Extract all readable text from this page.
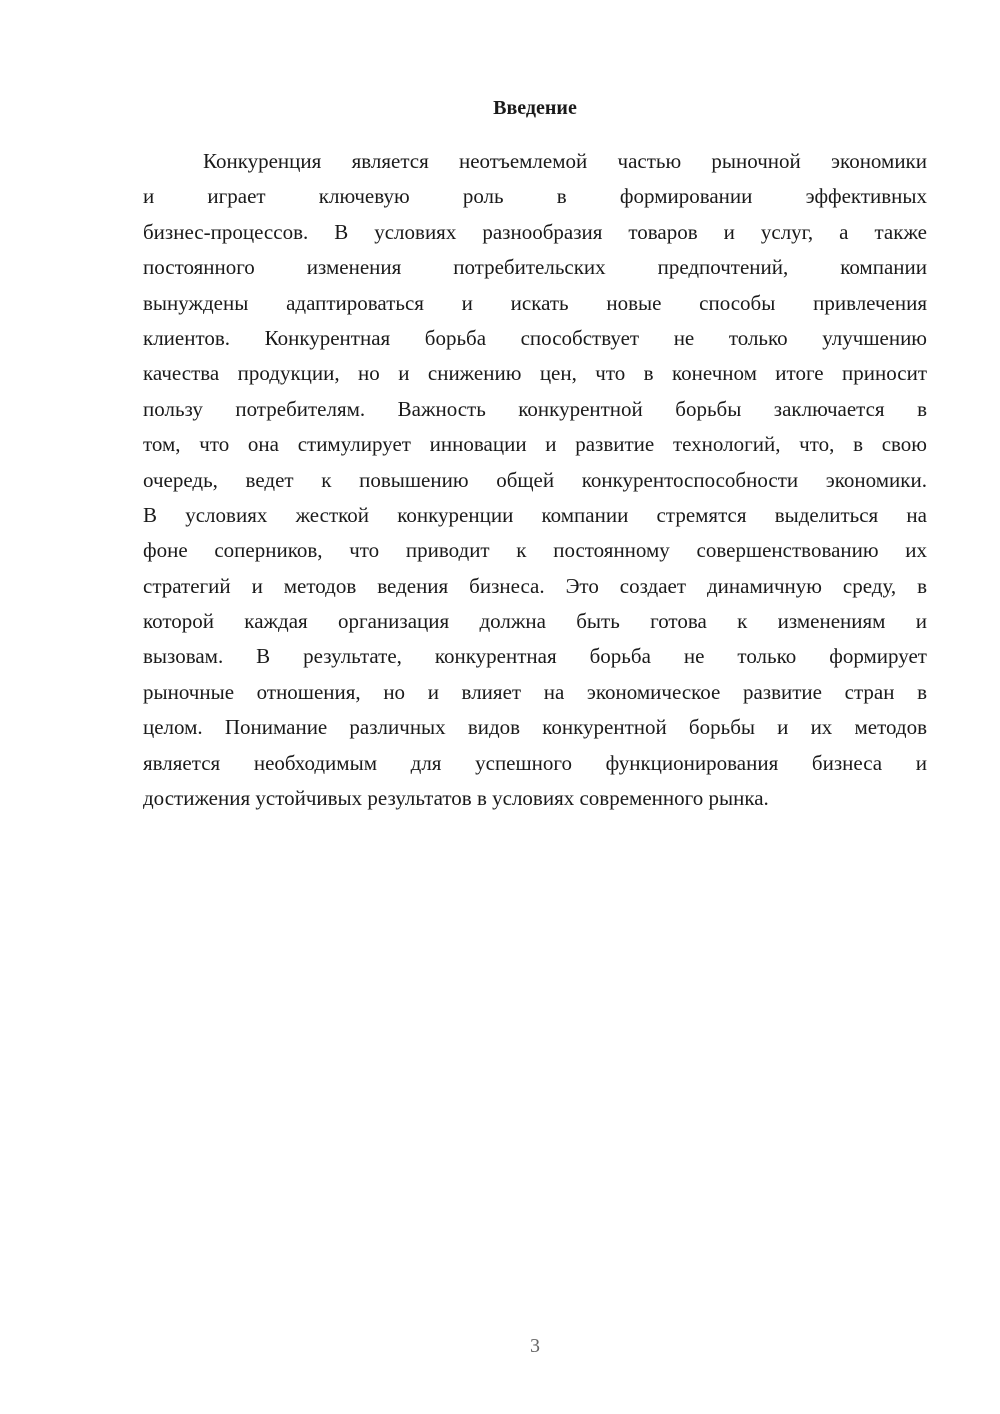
Введение
Конкуренция является неотъемлемой частью рыночной экономики
и играет ключевую роль в формировании эффективных
бизнес-процессов. В условиях разнообразия товаров и услуг, а также
постоянного изменения потребительских предпочтений, компании
вынуждены адаптироваться и искать новые способы привлечения
клиентов. Конкурентная борьба способствует не только улучшению
качества продукции, но и снижению цен, что в конечном итоге приносит
пользу потребителям. Важность конкурентной борьбы заключается в
том, что она стимулирует инновации и развитие технологий, что, в свою
очередь, ведет к повышению общей конкурентоспособности экономики.
В условиях жесткой конкуренции компании стремятся выделиться на
фоне соперников, что приводит к постоянному совершенствованию их
стратегий и методов ведения бизнеса. Это создает динамичную среду, в
которой каждая организация должна быть готова к изменениям и
вызовам. В результате, конкурентная борьба не только формирует
рыночные отношения, но и влияет на экономическое развитие стран в
целом. Понимание различных видов конкурентной борьбы и их методов
является необходимым для успешного функционирования бизнеса и
достижения устойчивых результатов в условиях современного рынка.
3
